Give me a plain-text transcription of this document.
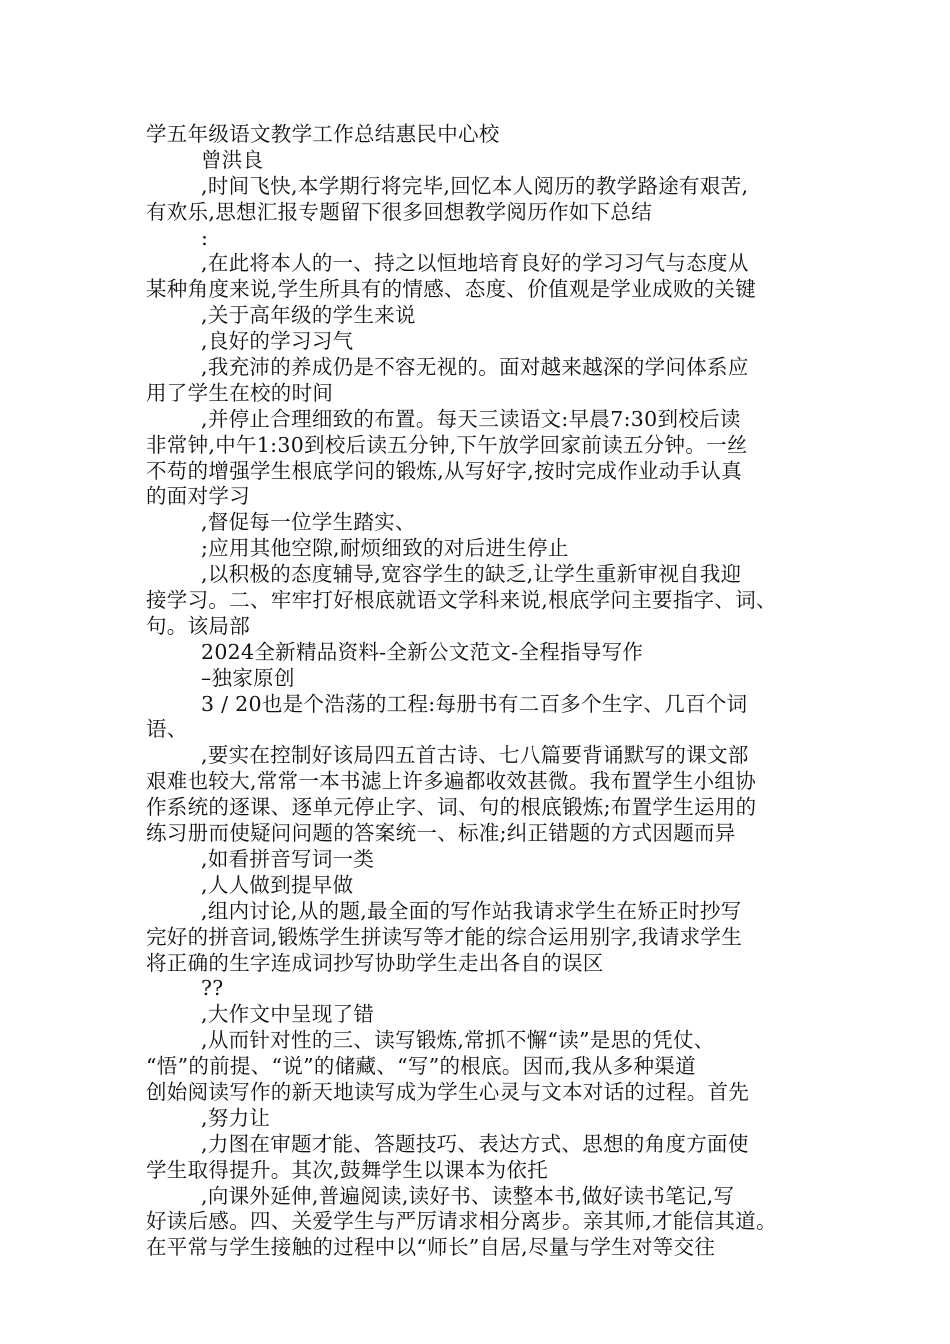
学五年级语文教学工作总结惠民中心校
曾洪良
,时间飞快,本学期行将完毕,回忆本人阅历的教学路途有艰苦,
有欢乐,思想汇报专题留下很多回想教学阅历作如下总结
:
,在此将本人的一、持之以恒地培育良好的学习习气与态度从
某种角度来说,学生所具有的情感、态度、价值观是学业成败的关键
,关于高年级的学生来说
,良好的学习习气
,我充沛的养成仍是不容无视的。面对越来越深的学问体系应
用了学生在校的时间
,并停止合理细致的布置。每天三读语文:早晨7:30到校后读
非常钟,中午1:30到校后读五分钟,下午放学回家前读五分钟。一丝
不苟的增强学生根底学问的锻炼,从写好字,按时完成作业动手认真
的面对学习
,督促每一位学生踏实、
;应用其他空隙,耐烦细致的对后进生停止
,以积极的态度辅导,宽容学生的缺乏,让学生重新审视自我迎
接学习。二、牢牢打好根底就语文学科来说,根底学问主要指字、词、
句。该局部
2024全新精品资料-全新公文范文-全程指导写作
–独家原创
3 / 20也是个浩荡的工程:每册书有二百多个生字、几百个词
语、
,要实在控制好该局四五首古诗、七八篇要背诵默写的课文部
艰难也较大,常常一本书滤上许多遍都收效甚微。我布置学生小组协
作系统的逐课、逐单元停止字、词、句的根底锻炼;布置学生运用的
练习册而使疑问问题的答案统一、标准;纠正错题的方式因题而异
,如看拼音写词一类
,人人做到提早做
,组内讨论,从的题,最全面的写作站我请求学生在矫正时抄写
完好的拼音词,锻炼学生拼读写等才能的综合运用别字,我请求学生
将正确的生字连成词抄写协助学生走出各自的误区
??
,大作文中呈现了错
,从而针对性的三、读写锻炼,常抓不懈“读”是思的凭仗、
“悟”的前提、“说”的储藏、“写”的根底。因而,我从多种渠道
创始阅读写作的新天地读写成为学生心灵与文本对话的过程。首先
,努力让
,力图在审题才能、答题技巧、表达方式、思想的角度方面使
学生取得提升。其次,鼓舞学生以课本为依托
,向课外延伸,普遍阅读,读好书、读整本书,做好读书笔记,写
好读后感。四、关爱学生与严厉请求相分离步。亲其师,才能信其道。
在平常与学生接触的过程中以“师长”自居,尽量与学生对等交往
